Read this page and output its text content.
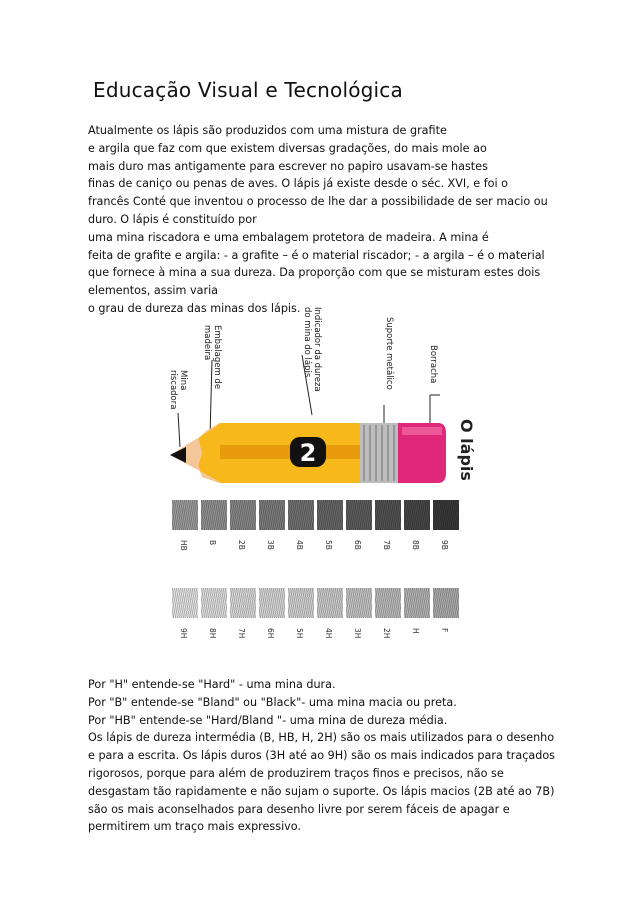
Educação Visual e Tecnológica
Atualmente os lápis são produzidos com uma mistura de grafite
e argila que faz com que existem diversas gradações, do mais mole ao
mais duro mas antigamente para escrever no papiro usavam-se hastes
finas de caniço ou penas de aves. O lápis já existe desde o séc. XVI, e foi o
francês Conté que inventou o processo de lhe dar a possibilidade de ser macio ou
duro. O lápis é constituído por
uma mina riscadora e uma embalagem protetora de madeira. A mina é
feita de grafite e argila: - a grafite – é o material riscador; - a argila – é o material
que fornece à mina a sua dureza. Da proporção com que se misturam estes dois
elementos, assim varia
o grau de dureza das minas dos lápis.
Mina riscadora
Embalagem de madeira	Indicador da dureza do mina do lápis	Suporte metálico	Borracha
2	O lápis
HB	B	2B	3B	4B	5B	6B	7B	8B	9B
9H	8H	7H	6H	5H	4H	3H	2H	H	F
Por "H" entende-se "Hard" - uma mina dura.
Por "B" entende-se "Bland" ou "Black"- uma mina macia ou preta.
Por "HB" entende-se "Hard/Bland "- uma mina de dureza média.
Os lápis de dureza intermédia (B, HB, H, 2H) são os mais utilizados para o desenho
e para a escrita. Os lápis duros (3H até ao 9H) são os mais indicados para traçados
rigorosos, porque para além de produzirem traços finos e precisos, não se
desgastam tão rapidamente e não sujam o suporte. Os lápis macios (2B até ao 7B)
são os mais aconselhados para desenho livre por serem fáceis de apagar e
permitirem um traço mais expressivo.
